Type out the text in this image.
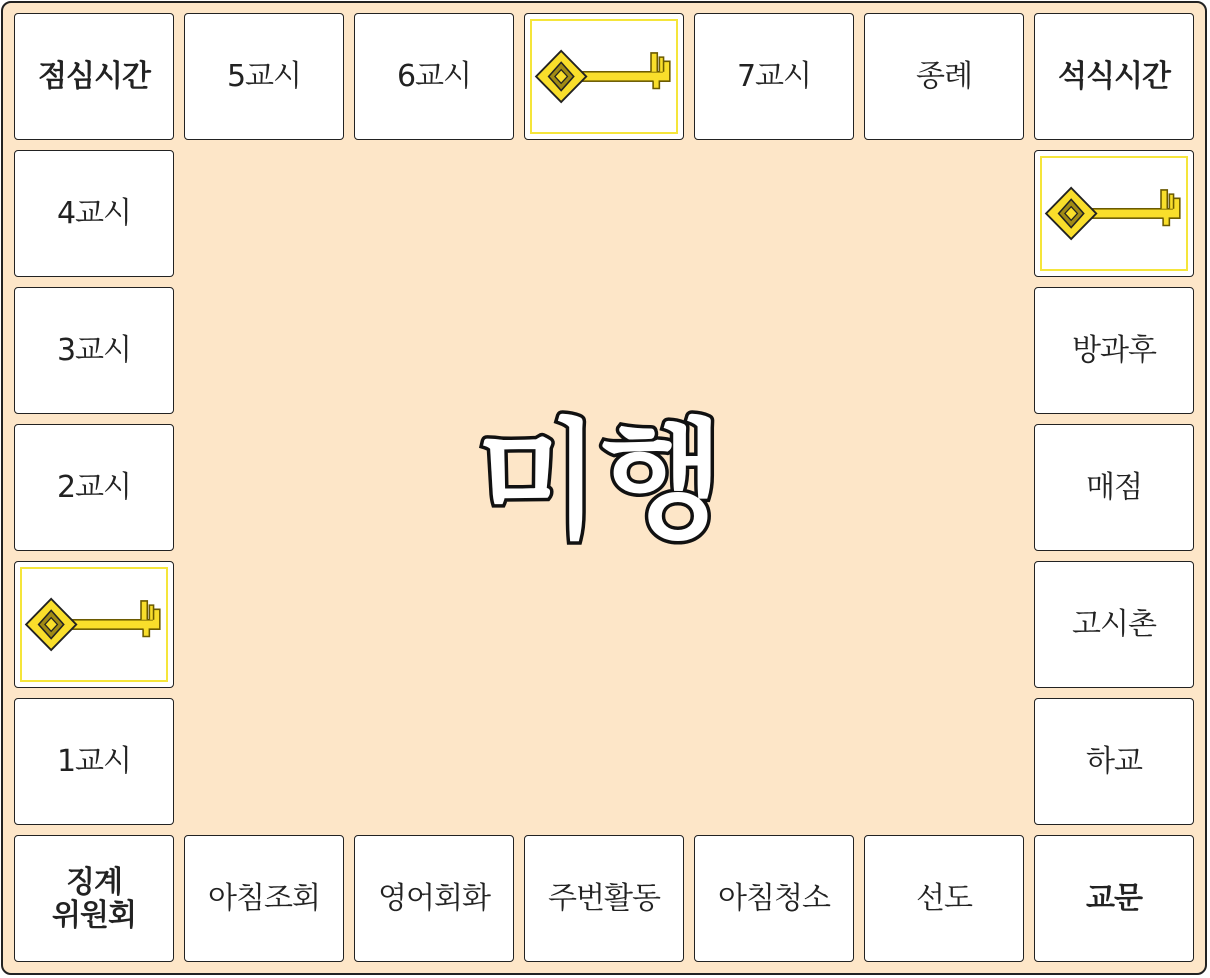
점심시간	5교시	6교시	7교시	종례	석식시간
방과후
매점
고시촌
하교
징계
위원회 아침조회 영어회화 주번활동 아침청소	선도	교문
4교시
3교시
2교시
1교시
미행
